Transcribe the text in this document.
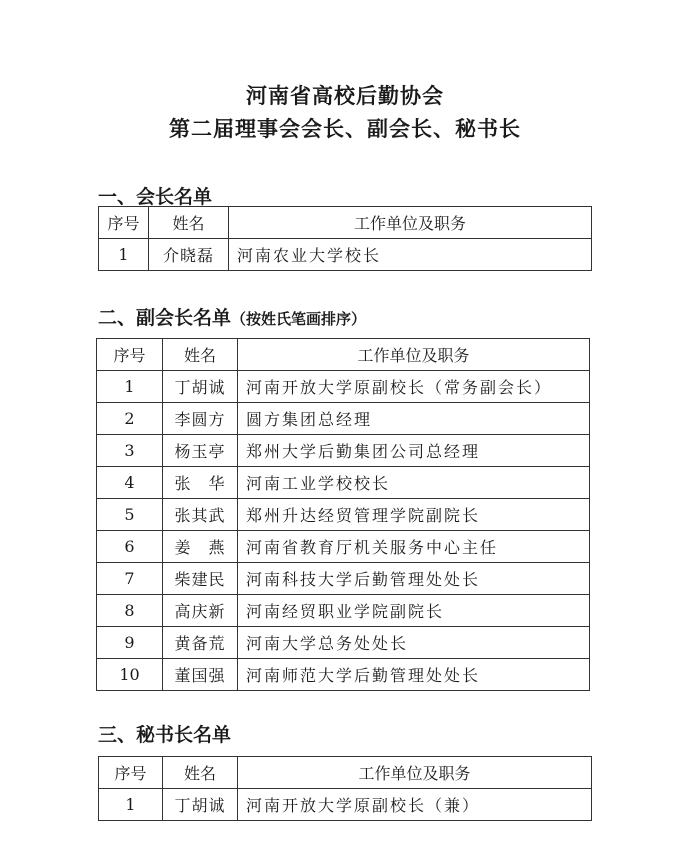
河南省高校后勤协会
第二届理事会会长、副会长、秘书长
一、会长名单
序号	姓名	工作单位及职务
1	介晓磊	河南农业大学校长
二、副会长名单（按姓氏笔画排序）
序号	姓名	工作单位及职务
1	丁胡诚	河南开放大学原副校长（常务副会长）
2	李圆方	圆方集团总经理
3	杨玉亭	郑州大学后勤集团公司总经理
4	张　华	河南工业学校校长
5	张其武	郑州升达经贸管理学院副院长
6	姜　燕	河南省教育厅机关服务中心主任
7	柴建民	河南科技大学后勤管理处处长
8	高庆新	河南经贸职业学院副院长
9	黄备荒	河南大学总务处处长
10	董国强	河南师范大学后勤管理处处长
三、秘书长名单
序号	姓名	工作单位及职务
1	丁胡诚	河南开放大学原副校长（兼）
